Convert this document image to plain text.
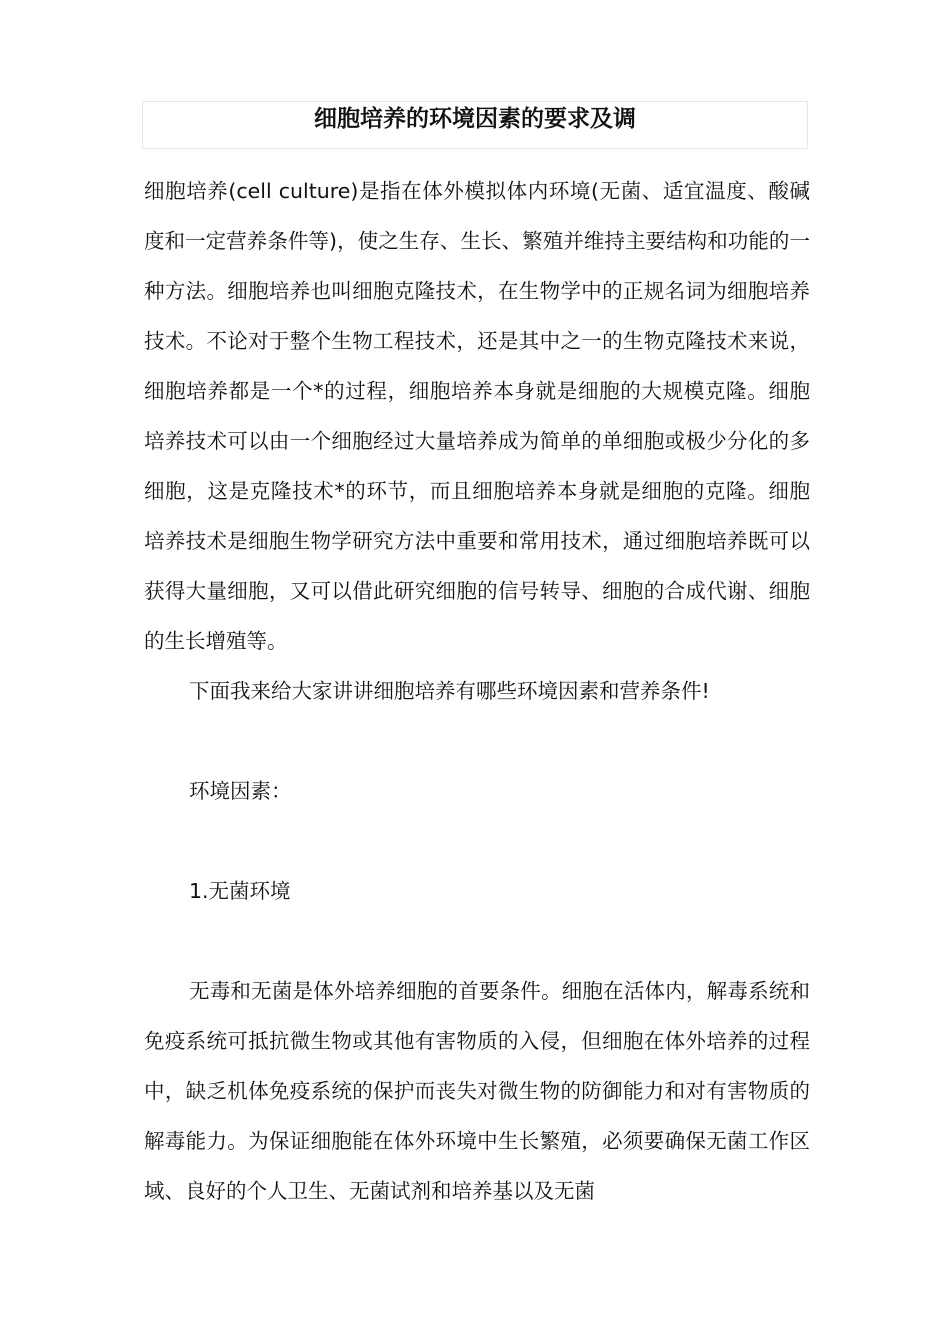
细胞培养的环境因素的要求及调

细胞培养(cell culture)是指在体外模拟体内环境(无菌、适宜温度、酸碱度和一定营养条件等)，使之生存、生长、繁殖并维持主要结构和功能的一种方法。细胞培养也叫细胞克隆技术，在生物学中的正规名词为细胞培养技术。不论对于整个生物工程技术，还是其中之一的生物克隆技术来说，细胞培养都是一个*的过程，细胞培养本身就是细胞的大规模克隆。细胞培养技术可以由一个细胞经过大量培养成为简单的单细胞或极少分化的多细胞，这是克隆技术*的环节，而且细胞培养本身就是细胞的克隆。细胞培养技术是细胞生物学研究方法中重要和常用技术，通过细胞培养既可以获得大量细胞，又可以借此研究细胞的信号转导、细胞的合成代谢、细胞的生长增殖等。

下面我来给大家讲讲细胞培养有哪些环境因素和营养条件!

环境因素：

1.无菌环境

无毒和无菌是体外培养细胞的首要条件。细胞在活体内，解毒系统和免疫系统可抵抗微生物或其他有害物质的入侵，但细胞在体外培养的过程中，缺乏机体免疫系统的保护而丧失对微生物的防御能力和对有害物质的解毒能力。为保证细胞能在体外环境中生长繁殖，必须要确保无菌工作区域、良好的个人卫生、无菌试剂和培养基以及无菌
